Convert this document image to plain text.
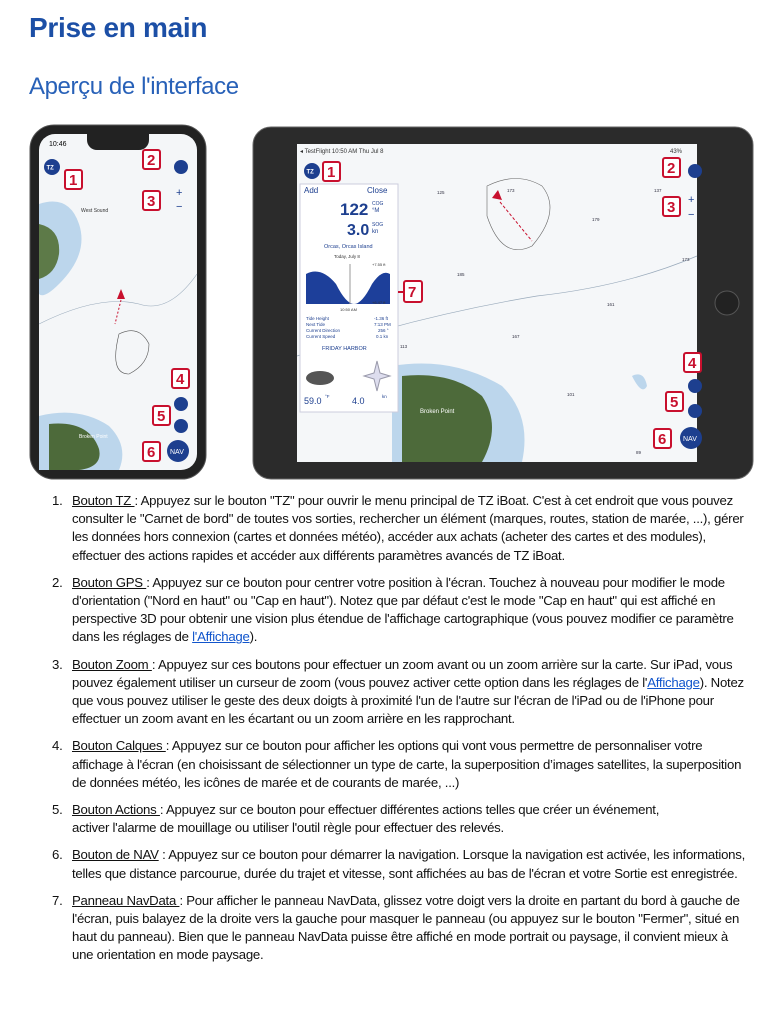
Prise en main
Aperçu de l'interface
10:46
West Sound
Broken Point
TZ
+
−
NAV
1
2
3
4
5
6
◂ TestFlight 10:50 AM Thu Jul 8	43%
Broken Point
125	173
179
137
173
185
161
167
113
101
89
Add	Close
122 COG
°M
3.0 SOG
kn
Orcas, Orcas Island
Today, July 8
+7.55 ft
+6.47 ft
10:50 AM
Tide Height	-1.36 ft
Next Tide	7:13 PM
Current Direction	256 °
Current Speed	0.1 kn
FRIDAY HARBOR
59.0 °F 4.0	kn
TZ
+
−
NAV
1	2
3
4
5
6
7
1. Bouton TZ : Appuyez sur le bouton "TZ" pour ouvrir le menu principal de TZ iBoat. C'est à cet endroit que vous pouvez consulter le "Carnet de bord" de toutes vos sorties, rechercher un élément (marques, routes, station de marée, ...), gérer les données hors connexion (cartes et données météo), accéder aux achats (acheter des cartes et des modules), effectuer des actions rapides et accéder aux différents paramètres avancés de TZ iBoat.
2. Bouton GPS : Appuyez sur ce bouton pour centrer votre position à l'écran. Touchez à nouveau pour modifier le mode d'orientation ("Nord en haut" ou "Cap en haut"). Notez que par défaut c'est le mode "Cap en haut" qui est affiché en perspective 3D pour obtenir une vision plus étendue de l'affichage cartographique (vous pouvez modifier ce paramètre dans les réglages de l'Affichage).
3. Bouton Zoom : Appuyez sur ces boutons pour effectuer un zoom avant ou un zoom arrière sur la carte. Sur iPad, vous pouvez également utiliser un curseur de zoom (vous pouvez activer cette option dans les réglages de l'Affichage). Notez que vous pouvez utiliser le geste des deux doigts à proximité l'un de l'autre sur l'écran de l'iPad ou de l'iPhone pour effectuer un zoom avant en les écartant ou un zoom arrière en les rapprochant.
4. Bouton Calques : Appuyez sur ce bouton pour afficher les options qui vont vous permettre de personnaliser votre affichage à l'écran (en choisissant de sélectionner un type de carte, la superposition d’images satellites, la superposition de données météo, les icônes de marée et de courants de marée, ...)
5. Bouton Actions : Appuyez sur ce bouton pour effectuer différentes actions telles que créer un événement, activer l'alarme de mouillage ou utiliser l'outil règle pour effectuer des relevés.
6. Bouton de NAV : Appuyez sur ce bouton pour démarrer la navigation. Lorsque la navigation est activée, les informations, telles que distance parcourue, durée du trajet et vitesse, sont affichées au bas de l'écran et votre Sortie est enregistrée.
7. Panneau NavData : Pour afficher le panneau NavData, glissez votre doigt vers la droite en partant du bord à gauche de l'écran, puis balayez de la droite vers la gauche pour masquer le panneau (ou appuyez sur le bouton "Fermer", situé en haut du panneau). Bien que le panneau NavData puisse être affiché en mode portrait ou paysage, il convient mieux à une orientation en mode paysage.
